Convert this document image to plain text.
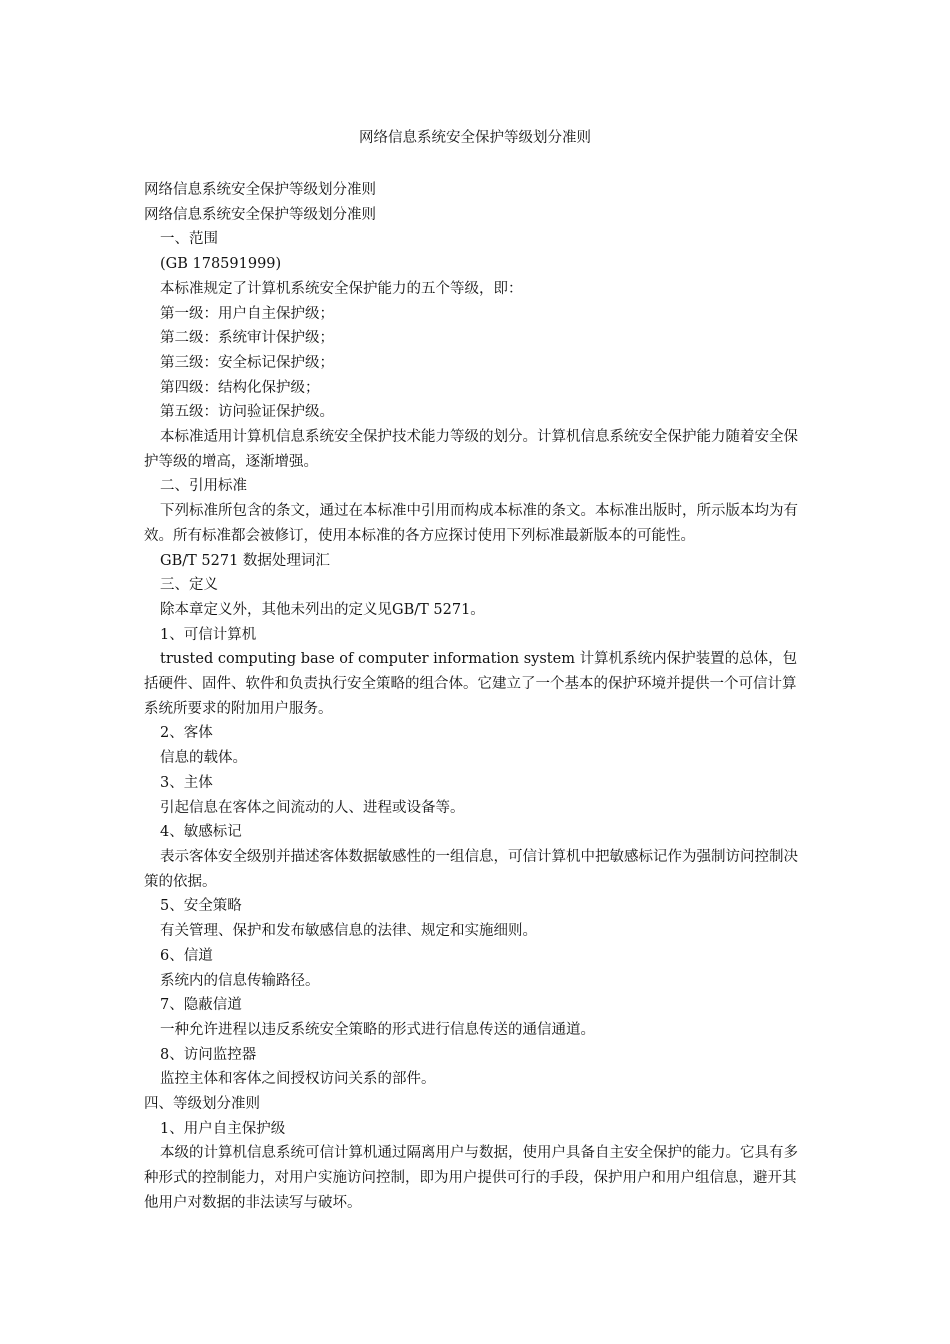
网络信息系统安全保护等级划分准则

网络信息系统安全保护等级划分准则

网络信息系统安全保护等级划分准则

一、范围

(GB 178591999)

本标准规定了计算机系统安全保护能力的五个等级，即：

第一级：用户自主保护级；

第二级：系统审计保护级；

第三级：安全标记保护级；

第四级：结构化保护级；

第五级：访问验证保护级。

本标准适用计算机信息系统安全保护技术能力等级的划分。计算机信息系统安全保护能力随着安全保护等级的增高，逐渐增强。

二、引用标准

下列标准所包含的条文，通过在本标准中引用而构成本标准的条文。本标准出版时，所示版本均为有效。所有标准都会被修订，使用本标准的各方应探讨使用下列标准最新版本的可能性。

GB/T 5271 数据处理词汇

三、定义

除本章定义外，其他未列出的定义见GB/T 5271。

1、可信计算机

trusted computing base of computer information system 计算机系统内保护装置的总体，包括硬件、固件、软件和负责执行安全策略的组合体。它建立了一个基本的保护环境并提供一个可信计算系统所要求的附加用户服务。

2、客体

信息的载体。

3、主体

引起信息在客体之间流动的人、进程或设备等。

4、敏感标记

表示客体安全级别并描述客体数据敏感性的一组信息，可信计算机中把敏感标记作为强制访问控制决策的依据。

5、安全策略

有关管理、保护和发布敏感信息的法律、规定和实施细则。

6、信道

系统内的信息传输路径。

7、隐蔽信道

一种允许进程以违反系统安全策略的形式进行信息传送的通信通道。

8、访问监控器

监控主体和客体之间授权访问关系的部件。

四、等级划分准则

1、用户自主保护级

本级的计算机信息系统可信计算机通过隔离用户与数据，使用户具备自主安全保护的能力。它具有多种形式的控制能力，对用户实施访问控制，即为用户提供可行的手段，保护用户和用户组信息，避开其他用户对数据的非法读写与破坏。
